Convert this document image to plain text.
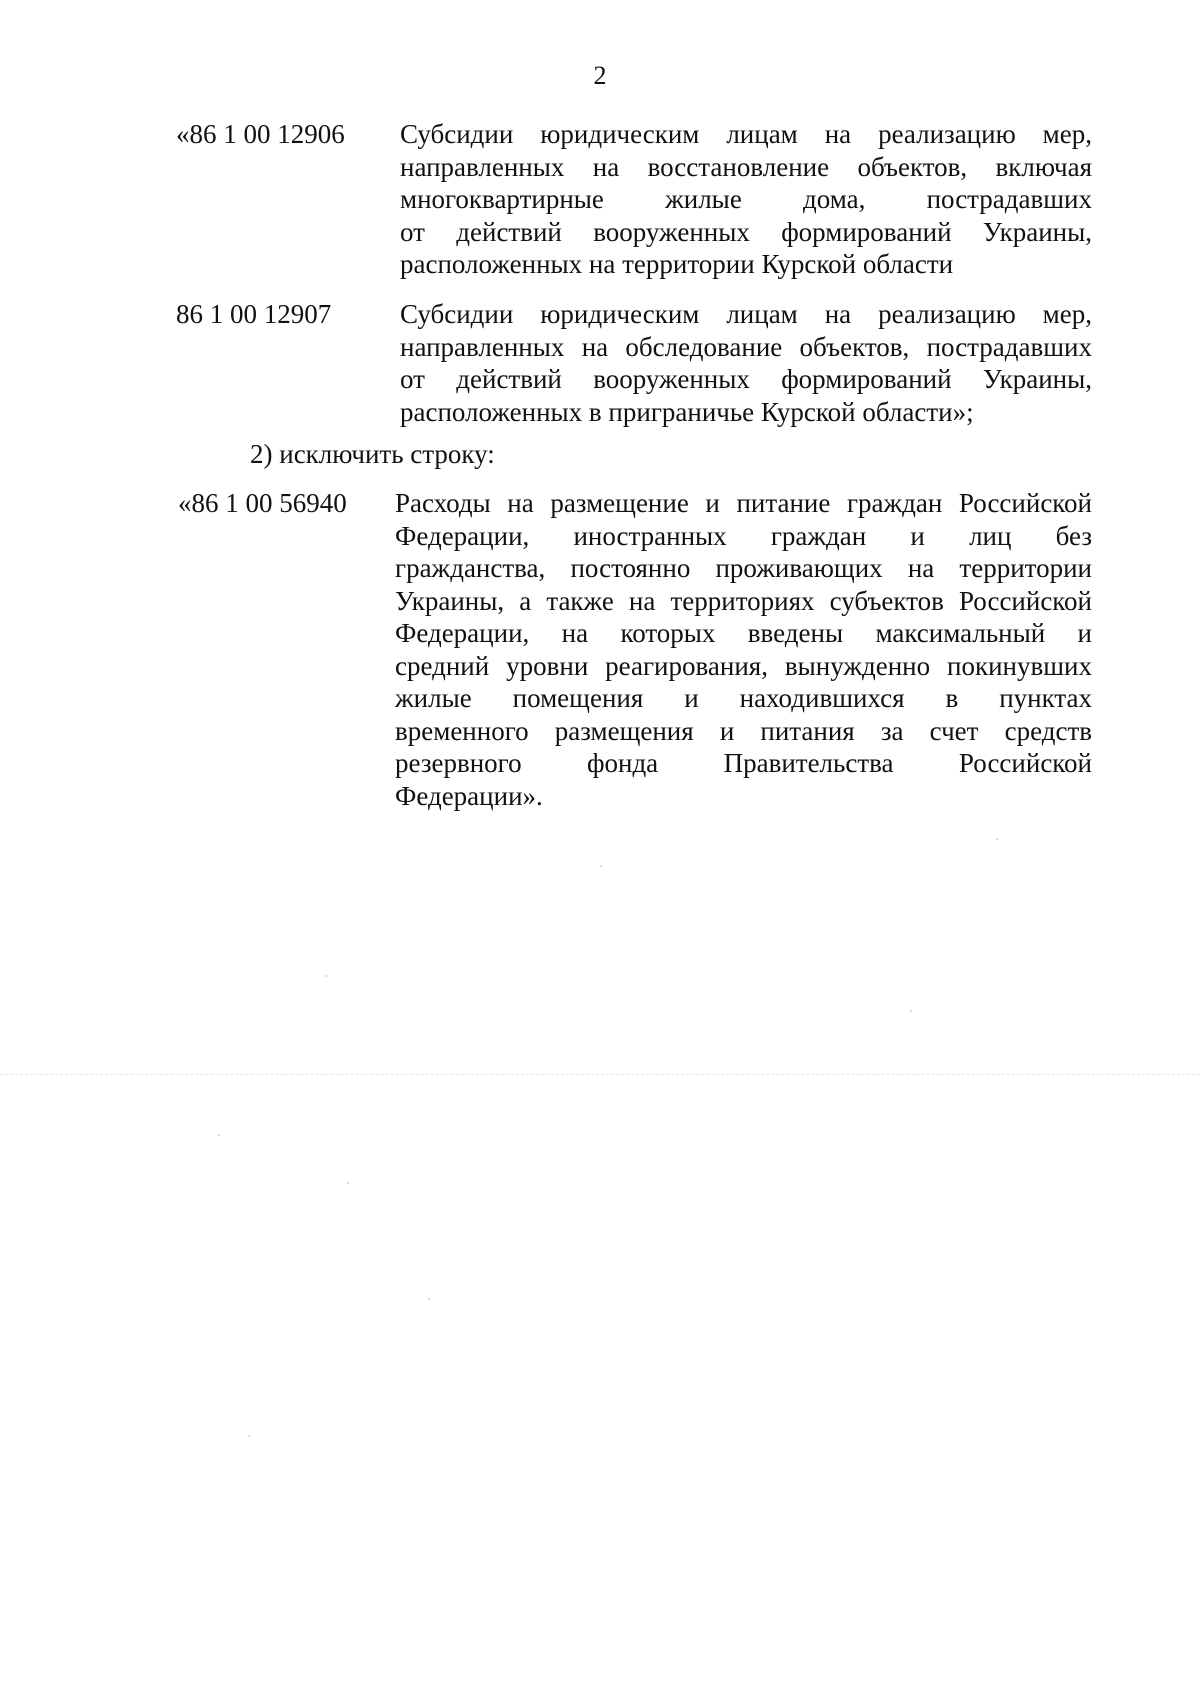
2
«86 1 00 12906 Субсидии юридическим лицам на реализацию мер,
направленных на восстановление объектов, включая
многоквартирные жилые дома, пострадавших
от действий вооруженных формирований Украины,
расположенных на территории Курской области
86 1 00 12907	Субсидии юридическим лицам на реализацию мер,
направленных на обследование объектов, пострадавших
от действий вооруженных формирований Украины,
расположенных в приграничье Курской области»;
2) исключить строку:
«86 1 00 56940 Расходы на размещение и питание граждан Российской
Федерации, иностранных граждан и лиц без
гражданства, постоянно проживающих на территории
Украины, а также на территориях субъектов Российской
Федерации, на которых введены максимальный и
средний уровни реагирования, вынужденно покинувших
жилые помещения и находившихся в пунктах
временного размещения и питания за счет средств
резервного фонда Правительства Российской
Федерации».
